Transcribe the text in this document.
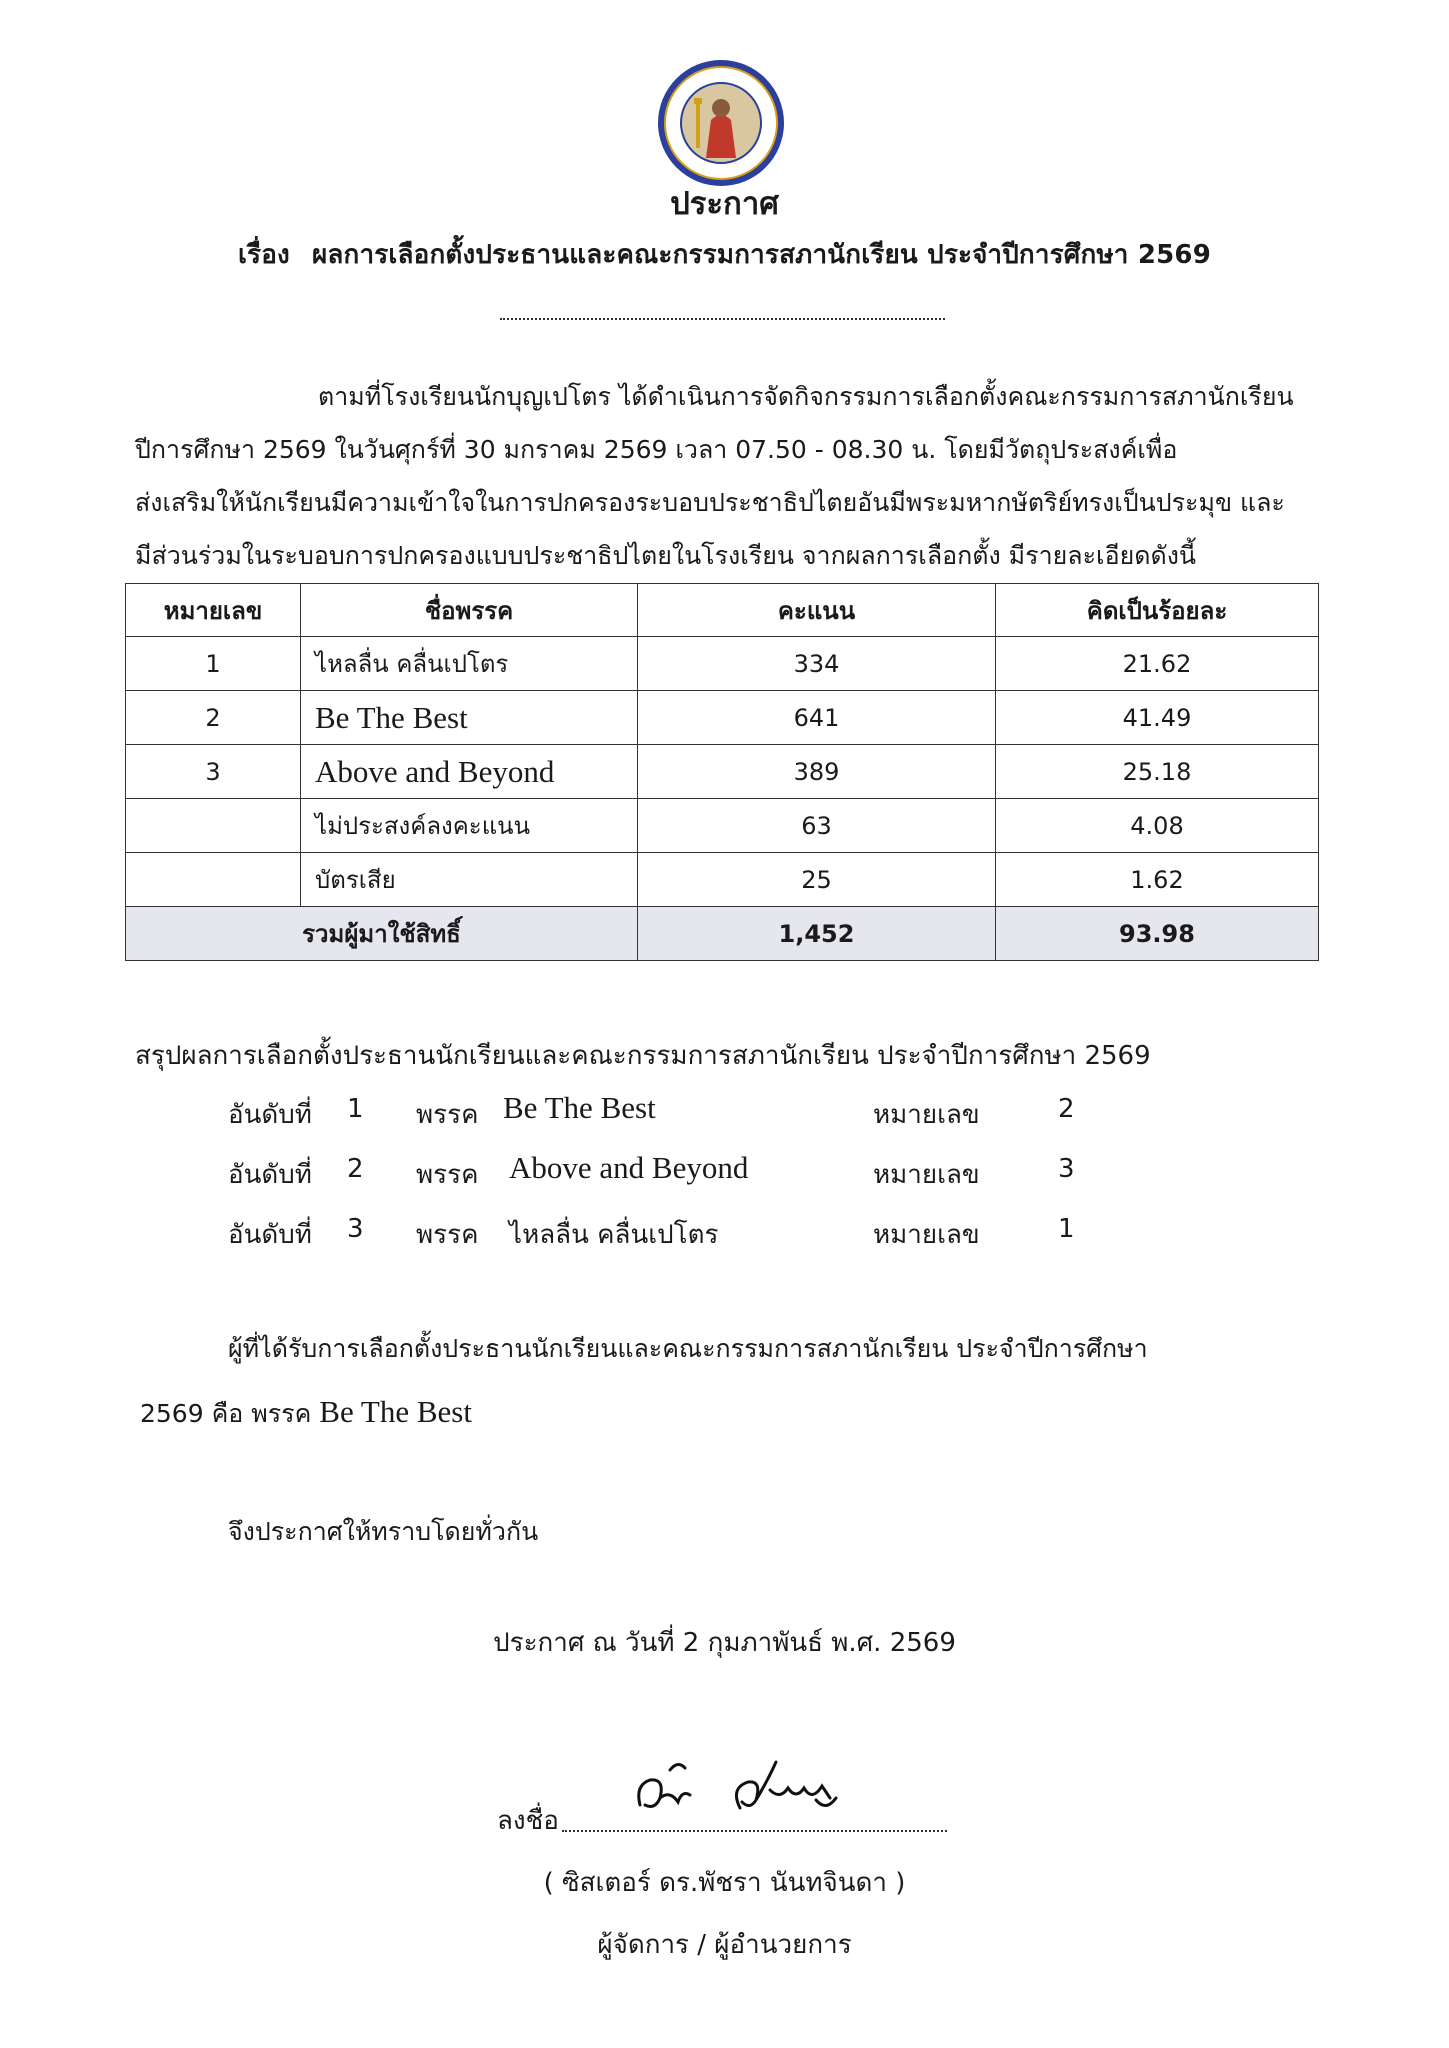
โรงเรียนนักบุญเปโตร
ประกาศ
เรื่อง ผลการเลือกตั้งประธานและคณะกรรมการสภานักเรียน ประจำปีการศึกษา 2569
ตามที่โรงเรียนนักบุญเปโตร ได้ดำเนินการจัดกิจกรรมการเลือกตั้งคณะกรรมการสภานักเรียน
ปีการศึกษา 2569 ในวันศุกร์ที่ 30 มกราคม 2569 เวลา 07.50 - 08.30 น. โดยมีวัตถุประสงค์เพื่อ
ส่งเสริมให้นักเรียนมีความเข้าใจในการปกครองระบอบประชาธิปไตยอันมีพระมหากษัตริย์ทรงเป็นประมุข และ
มีส่วนร่วมในระบอบการปกครองแบบประชาธิปไตยในโรงเรียน จากผลการเลือกตั้ง มีรายละเอียดดังนี้
หมายเลข	ชื่อพรรค	คะแนน	คิดเป็นร้อยละ
1	ไหลลื่น คลื่นเปโตร	334	21.62
2	Be The Best	641	41.49
3	Above and Beyond	389	25.18
	ไม่ประสงค์ลงคะแนน	63	4.08
	บัตรเสีย	25	1.62
รวมผู้มาใช้สิทธิ์		1,452	93.98
สรุปผลการเลือกตั้งประธานนักเรียนและคณะกรรมการสภานักเรียน ประจำปีการศึกษา 2569
อันดับที่ 1 พรรค Be The Best	หมายเลข	2
อันดับที่ 2 พรรค Above and Beyond	หมายเลข	3
อันดับที่ 3 พรรค ไหลลื่น คลื่นเปโตร	หมายเลข	1
ผู้ที่ได้รับการเลือกตั้งประธานนักเรียนและคณะกรรมการสภานักเรียน ประจำปีการศึกษา
2569 คือ พรรค Be The Best
จึงประกาศให้ทราบโดยทั่วกัน
ประกาศ ณ วันที่ 2 กุมภาพันธ์ พ.ศ. 2569
ลงชื่อ
( ซิสเตอร์ ดร.พัชรา นันทจินดา )
ผู้จัดการ / ผู้อำนวยการ
